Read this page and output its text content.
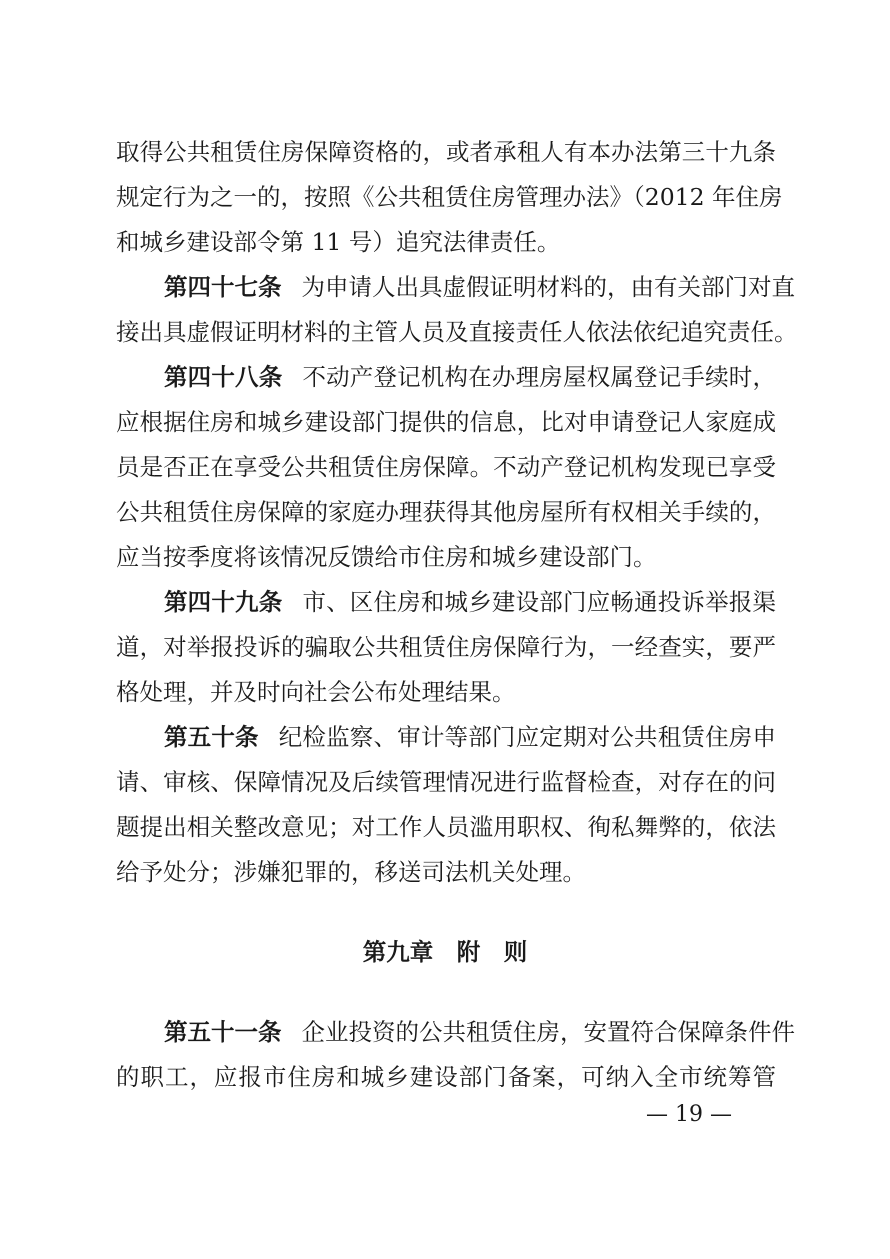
取得公共租赁住房保障资格的，或者承租人有本办法第三十九条
规定行为之一的，按照《公共租赁住房管理办法》（2012 年住房
和城乡建设部令第 11 号）追究法律责任。
第四十七条 为申请人出具虚假证明材料的，由有关部门对直
接出具虚假证明材料的主管人员及直接责任人依法依纪追究责任。
第四十八条 不动产登记机构在办理房屋权属登记手续时，
应根据住房和城乡建设部门提供的信息，比对申请登记人家庭成
员是否正在享受公共租赁住房保障。不动产登记机构发现已享受
公共租赁住房保障的家庭办理获得其他房屋所有权相关手续的，
应当按季度将该情况反馈给市住房和城乡建设部门。
第四十九条 市、区住房和城乡建设部门应畅通投诉举报渠
道，对举报投诉的骗取公共租赁住房保障行为，一经查实，要严
格处理，并及时向社会公布处理结果。
第五十条 纪检监察、审计等部门应定期对公共租赁住房申
请、审核、保障情况及后续管理情况进行监督检查，对存在的问
题提出相关整改意见；对工作人员滥用职权、徇私舞弊的，依法
给予处分；涉嫌犯罪的，移送司法机关处理。
第九章　附　则
第五十一条 企业投资的公共租赁住房，安置符合保障条件件
的职工，应报市住房和城乡建设部门备案，可纳入全市统筹管
— 19 —
